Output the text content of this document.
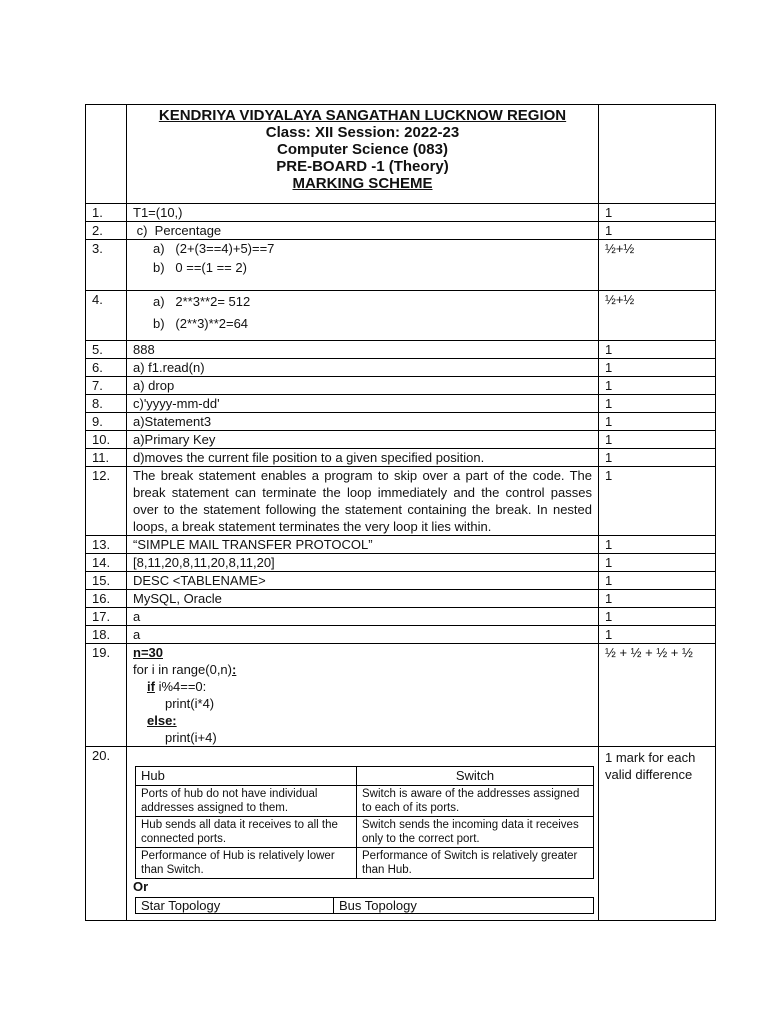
KENDRIYA VIDYALAYA SANGATHAN LUCKNOW REGION
Class: XII Session: 2022-23
Computer Science (083)
PRE-BOARD -1 (Theory)
MARKING SCHEME

1.	T1=(10,)	1
2.	c)  Percentage	1
3.	a)   (2+(3==4)+5)==7
b)   0 ==(1 == 2)
	½+½
4.	a)   2**3**2= 512
b)   (2**3)**2=64
	½+½
5.	888	1
6.	a) f1.read(n)	1
7.	a) drop	1
8.	c)'yyyy-mm-dd'	1
9.	a)Statement3	1
10.	a)Primary Key	1
11.	d)moves the current file position to a given specified position.	1
12.	The break statement enables a program to skip over a part of the code. The break statement can terminate the loop immediately and the control passes over to the statement following the statement containing the break. In nested loops, a break statement terminates the very loop it lies within.	1
13.	“SIMPLE MAIL TRANSFER PROTOCOL”	1
14.	[8,11,20,8,11,20,8,11,20]	1
15.	DESC <TABLENAME>	1
16.	MySQL, Oracle	1
17.	a	1
18.	a	1
19.	n=30
for i in range(0,n):
if i%4==0:
print(i*4)
else:
print(i+4)
	½ + ½ + ½ + ½
20.	
Hub	Switch
Ports of hub do not have individual addresses assigned to them.	Switch is aware of the addresses assigned to each of its ports.
Hub sends all data it receives to all the connected ports.	Switch sends the incoming data it receives only to the correct port.
Performance of Hub is relatively lower than Switch.	Performance of Switch is relatively greater than Hub.
Or
Star Topology	Bus Topology
	1 mark for each valid difference
